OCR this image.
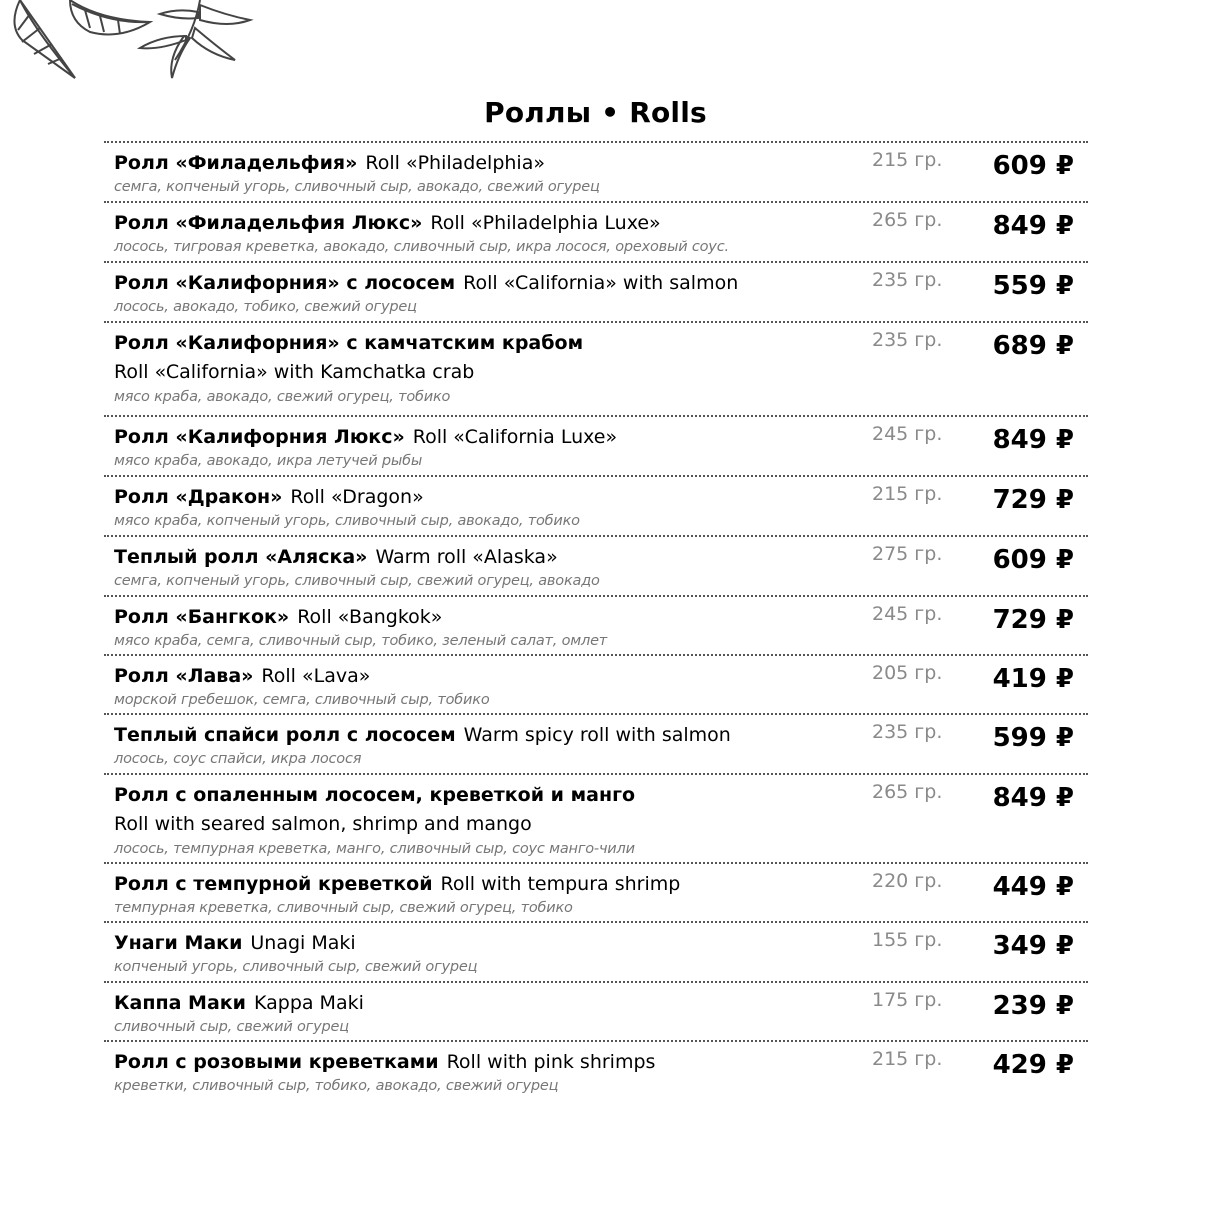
Роллы • Rolls
Ролл «Филадельфия» Roll «Philadelphia»
семга, копченый угорь, сливочный сыр, авокадо, свежий огурец
215 гр. 609 ₽
Ролл «Филадельфия Люкс» Roll «Philadelphia Luxe»
лосось, тигровая креветка, авокадо, сливочный сыр, икра лосося, ореховый соус.
265 гр. 849 ₽
Ролл «Калифорния» с лососем Roll «California» with salmon
лосось, авокадо, тобико, свежий огурец
235 гр. 559 ₽
Ролл «Калифорния» с камчатским крабом
Roll «California» with Kamchatka crab
мясо краба, авокадо, свежий огурец, тобико
235 гр. 689 ₽
Ролл «Калифорния Люкс» Roll «California Luxe»
мясо краба, авокадо, икра летучей рыбы
245 гр. 849 ₽
Ролл «Дракон» Roll «Dragon»
мясо краба, копченый угорь, сливочный сыр, авокадо, тобико
215 гр. 729 ₽
Теплый ролл «Аляска» Warm roll «Alaska»
семга, копченый угорь, сливочный сыр, свежий огурец, авокадо
275 гр. 609 ₽
Ролл «Бангкок» Roll «Bangkok»
мясо краба, семга, сливочный сыр, тобико, зеленый салат, омлет
245 гр. 729 ₽
Ролл «Лава» Roll «Lava»
морской гребешок, семга, сливочный сыр, тобико
205 гр. 419 ₽
Теплый спайси ролл с лососем Warm spicy roll with salmon
лосось, соус спайси, икра лосося
235 гр. 599 ₽
Ролл с опаленным лососем, креветкой и манго
Roll with seared salmon, shrimp and mango
лосось, темпурная креветка, манго, сливочный сыр, соус манго-чили
265 гр. 849 ₽
Ролл с темпурной креветкой Roll with tempura shrimp
темпурная креветка, сливочный сыр, свежий огурец, тобико
220 гр. 449 ₽
Унаги Маки Unagi Maki
копченый угорь, сливочный сыр, свежий огурец
155 гр. 349 ₽
Каппа Маки Kappa Maki
сливочный сыр, свежий огурец
175 гр. 239 ₽
Ролл с розовыми креветками Roll with pink shrimps
креветки, сливочный сыр, тобико, авокадо, свежий огурец
215 гр. 429 ₽
